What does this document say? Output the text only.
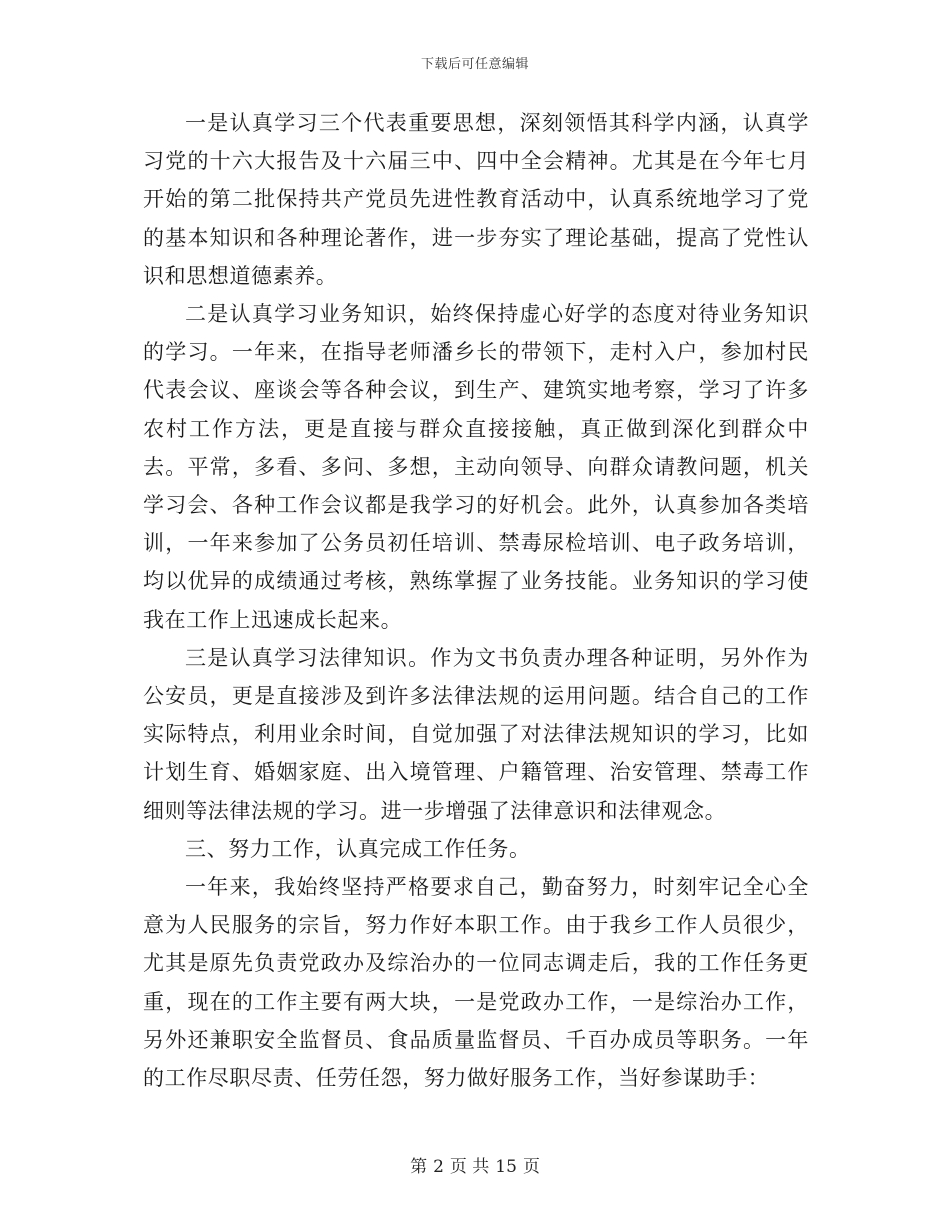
下载后可任意编辑

一是认真学习三个代表重要思想，深刻领悟其科学内涵，认真学习党的十六大报告及十六届三中、四中全会精神。尤其是在今年七月开始的第二批保持共产党员先进性教育活动中，认真系统地学习了党的基本知识和各种理论著作，进一步夯实了理论基础，提高了党性认识和思想道德素养。

二是认真学习业务知识，始终保持虚心好学的态度对待业务知识的学习。一年来，在指导老师潘乡长的带领下，走村入户，参加村民代表会议、座谈会等各种会议，到生产、建筑实地考察，学习了许多农村工作方法，更是直接与群众直接接触，真正做到深化到群众中去。平常，多看、多问、多想，主动向领导、向群众请教问题，机关学习会、各种工作会议都是我学习的好机会。此外，认真参加各类培训，一年来参加了公务员初任培训、禁毒尿检培训、电子政务培训，均以优异的成绩通过考核，熟练掌握了业务技能。业务知识的学习使我在工作上迅速成长起来。

三是认真学习法律知识。作为文书负责办理各种证明，另外作为公安员，更是直接涉及到许多法律法规的运用问题。结合自己的工作实际特点，利用业余时间，自觉加强了对法律法规知识的学习，比如计划生育、婚姻家庭、出入境管理、户籍管理、治安管理、禁毒工作细则等法律法规的学习。进一步增强了法律意识和法律观念。

三、努力工作，认真完成工作任务。

一年来，我始终坚持严格要求自己，勤奋努力，时刻牢记全心全意为人民服务的宗旨，努力作好本职工作。由于我乡工作人员很少，尤其是原先负责党政办及综治办的一位同志调走后，我的工作任务更重，现在的工作主要有两大块，一是党政办工作，一是综治办工作，另外还兼职安全监督员、食品质量监督员、千百办成员等职务。一年的工作尽职尽责、任劳任怨，努力做好服务工作，当好参谋助手：

第 2 页 共 15 页
